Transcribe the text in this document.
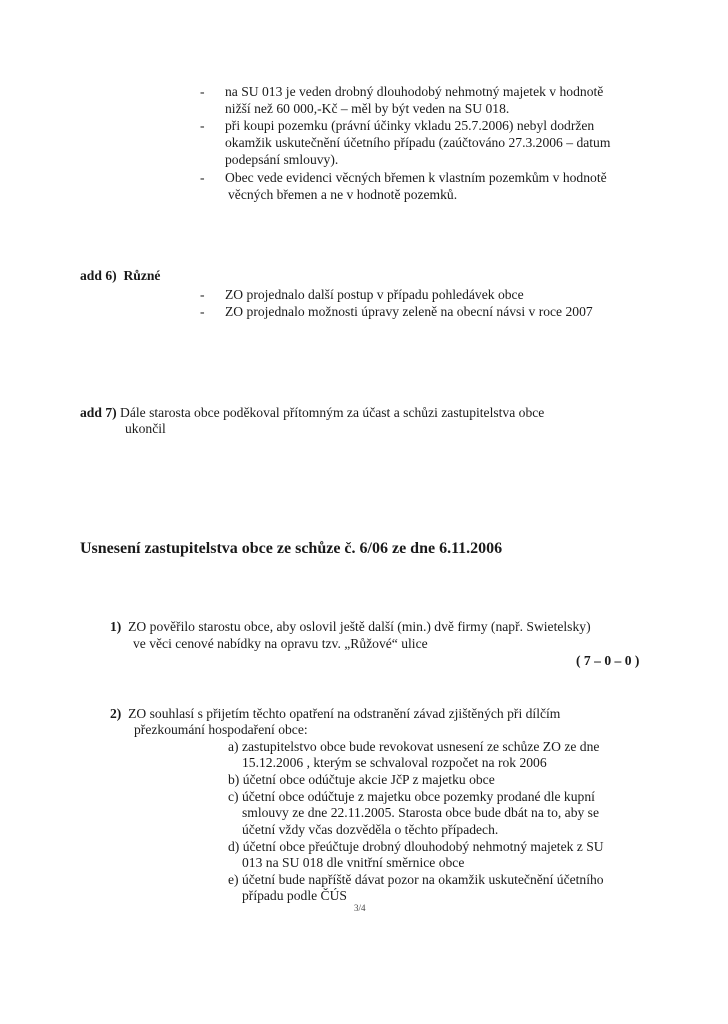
- na SU 013 je veden drobný dlouhodobý nehmotný majetek v hodnotě
nižší než 60 000,-Kč – měl by být veden na SU 018.
- při koupi pozemku (právní účinky vkladu 25.7.2006) nebyl dodržen
okamžik uskutečnění účetního případu (zaúčtováno 27.3.2006 – datum
podepsání smlouvy).
- Obec vede evidenci věcných břemen k vlastním pozemkům v hodnotě
věcných břemen a ne v hodnotě pozemků.
add 6) Různé
- ZO projednalo další postup v případu pohledávek obce
- ZO projednalo možnosti úpravy zeleně na obecní návsi v roce 2007
add 7) Dále starosta obce poděkoval přítomným za účast a schůzi zastupitelstva obce
ukončil
Usnesení zastupitelstva obce ze schůze č. 6/06 ze dne 6.11.2006
1) ZO pověřilo starostu obce, aby oslovil ještě další (min.) dvě firmy (např. Swietelsky)
ve věci cenové nabídky na opravu tzv. „Růžové“ ulice
( 7 – 0 – 0 )
2) ZO souhlasí s přijetím těchto opatření na odstranění závad zjištěných při dílčím
přezkoumání hospodaření obce:
a) zastupitelstvo obce bude revokovat usnesení ze schůze ZO ze dne
15.12.2006 , kterým se schvaloval rozpočet na rok 2006
b) účetní obce odúčtuje akcie JčP z majetku obce
c) účetní obce odúčtuje z majetku obce pozemky prodané dle kupní
smlouvy ze dne 22.11.2005. Starosta obce bude dbát na to, aby se
účetní vždy včas dozvěděla o těchto případech.
d) účetní obce přeúčtuje drobný dlouhodobý nehmotný majetek z SU
013 na SU 018 dle vnitřní směrnice obce
e) účetní bude napříště dávat pozor na okamžik uskutečnění účetního
případu podle ČÚS
3/4
